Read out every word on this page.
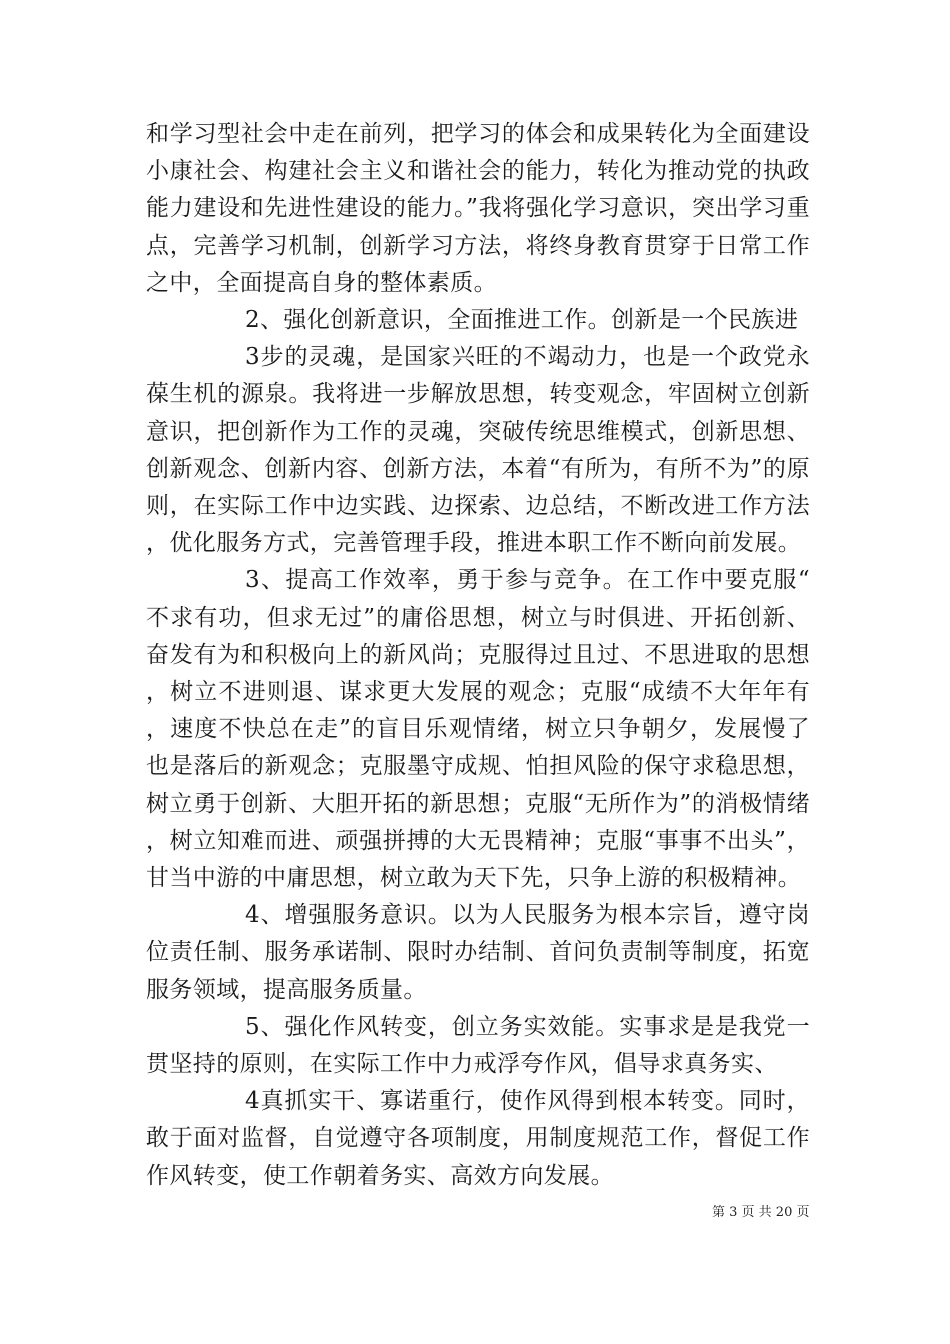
和学习型社会中走在前列，把学习的体会和成果转化为全面建设小康社会、构建社会主义和谐社会的能力，转化为推动党的执政能力建设和先进性建设的能力。”我将强化学习意识，突出学习重点，完善学习机制，创新学习方法，将终身教育贯穿于日常工作之中，全面提高自身的整体素质。

2、强化创新意识，全面推进工作。创新是一个民族进

3步的灵魂，是国家兴旺的不竭动力，也是一个政党永葆生机的源泉。我将进一步解放思想，转变观念，牢固树立创新意识，把创新作为工作的灵魂，突破传统思维模式，创新思想、创新观念、创新内容、创新方法，本着“有所为，有所不为”的原则，在实际工作中边实践、边探索、边总结，不断改进工作方法，优化服务方式，完善管理手段，推进本职工作不断向前发展。

3、提高工作效率，勇于参与竞争。在工作中要克服“不求有功，但求无过”的庸俗思想，树立与时俱进、开拓创新、奋发有为和积极向上的新风尚；克服得过且过、不思进取的思想，树立不进则退、谋求更大发展的观念；克服“成绩不大年年有，速度不快总在走”的盲目乐观情绪，树立只争朝夕，发展慢了也是落后的新观念；克服墨守成规、怕担风险的保守求稳思想，树立勇于创新、大胆开拓的新思想；克服“无所作为”的消极情绪，树立知难而进、顽强拼搏的大无畏精神；克服“事事不出头”，甘当中游的中庸思想，树立敢为天下先，只争上游的积极精神。

4、增强服务意识。以为人民服务为根本宗旨，遵守岗位责任制、服务承诺制、限时办结制、首问负责制等制度，拓宽服务领域，提高服务质量。

5、强化作风转变，创立务实效能。实事求是是我党一贯坚持的原则，在实际工作中力戒浮夸作风，倡导求真务实、

4真抓实干、寡诺重行，使作风得到根本转变。同时，敢于面对监督，自觉遵守各项制度，用制度规范工作，督促工作作风转变，使工作朝着务实、高效方向发展。

第 3 页 共 20 页
